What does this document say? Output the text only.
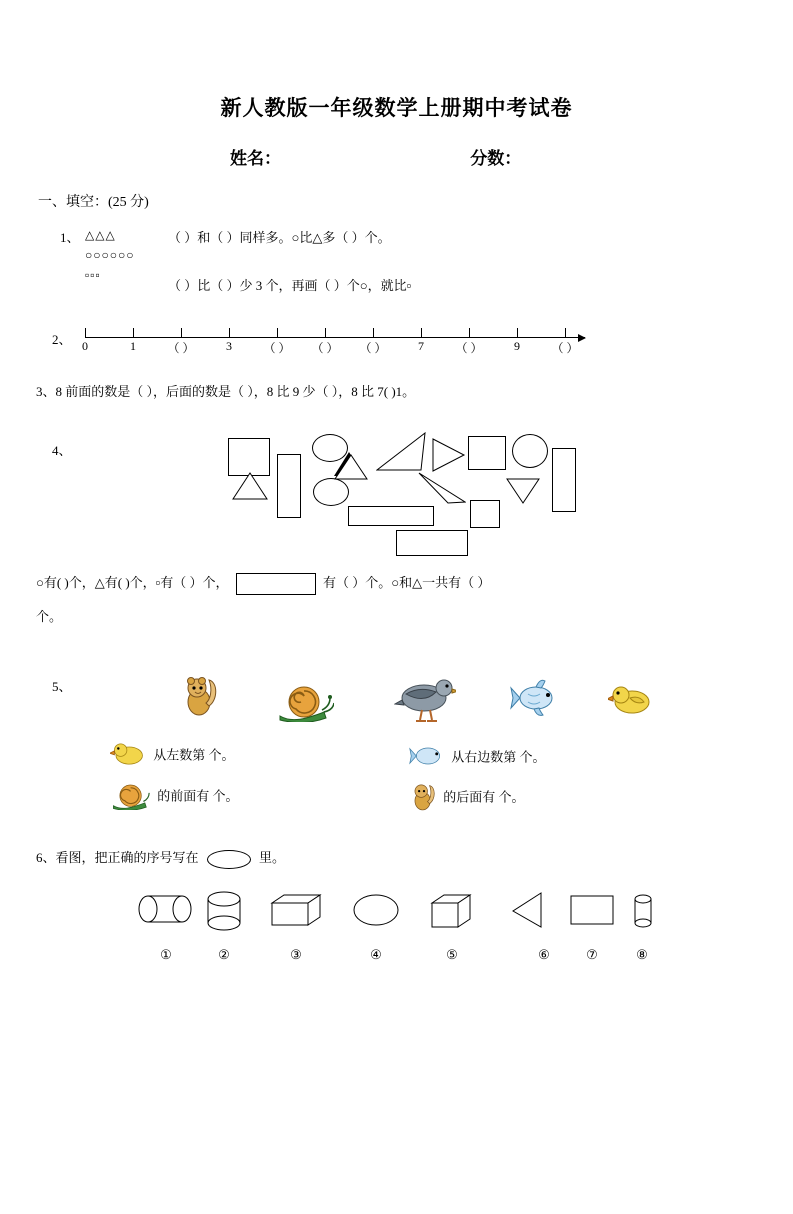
新人教版一年级数学上册期中考试卷
姓名：	分数：
一、填空：(25 分)
1、 △△△
○○○○○○
▫▫▫
（ ）和（ ）同样多。○比△多（ ）个。
（ ）比（ ）少 3 个，再画（ ）个○，就比▫
2、 0	1	（ ）	3	（ ） （ ） （ ）	7	（ ）	9	（ ）
3、8 前面的数是（ ），后面的数是（ ），8 比 9 少（ ），8 比 7( )1。
4、
○有( )个，△有( )个，▫有（ ）个，	有（ ）个。○和△一共有（ ）
个。
5、
从左数第 个。	从右边数第 个。
的前面有 个。	的后面有 个。
6、看图，把正确的序号写在	里。
①	②	③	④	⑤	⑥	⑦	⑧
